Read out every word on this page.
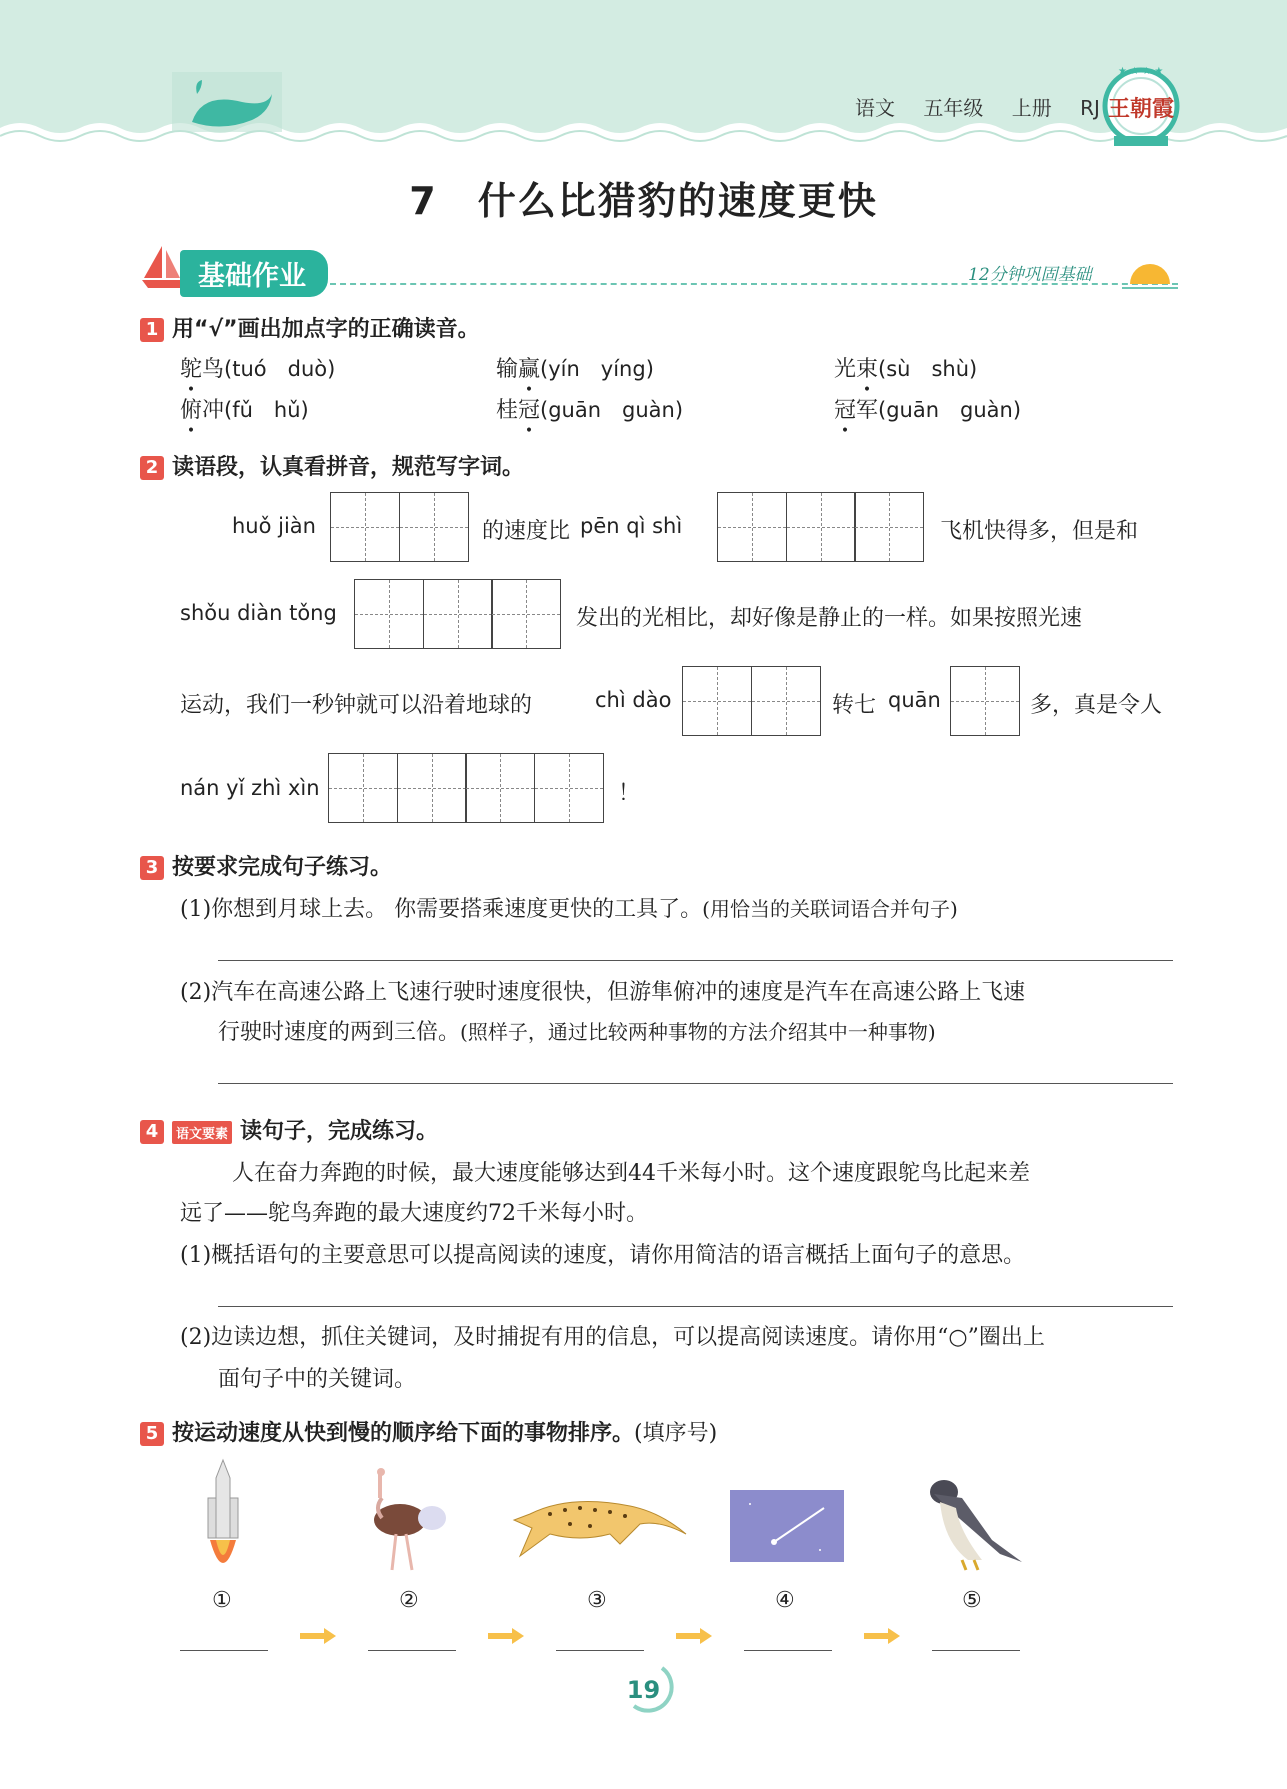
语文 五年级 上册 RJ
★ ★ ★ ★
王朝霞
7　什么比猎豹的速度更快
基础作业	12分钟巩固基础
1 用“√”画出加点字的正确读音。
鸵鸟(tuó　duò)	输赢(yín　yíng)	光束(sù　shù)
俯冲(fǔ　hǔ)	桂冠(guān　guàn)	冠军(guān　guàn)
2 读语段，认真看拼音，规范写字词。
huǒ jiàn	的速度比 pēn qì shì	飞机快得多，但是和
shǒu diàn tǒng	发出的光相比，却好像是静止的一样。如果按照光速
运动，我们一秒钟就可以沿着地球的	chì dào	转七 quān	多，真是令人
nán yǐ zhì xìn	！
3 按要求完成句子练习。
(1)你想到月球上去。 你需要搭乘速度更快的工具了。(用恰当的关联词语合并句子)
(2)汽车在高速公路上飞速行驶时速度很快，但游隼俯冲的速度是汽车在高速公路上飞速
行驶时速度的两到三倍。(照样子，通过比较两种事物的方法介绍其中一种事物)
4 语文要素 读句子，完成练习。
人在奋力奔跑的时候，最大速度能够达到44千米每小时。这个速度跟鸵鸟比起来差
远了——鸵鸟奔跑的最大速度约72千米每小时。
(1)概括语句的主要意思可以提高阅读的速度，请你用简洁的语言概括上面句子的意思。
(2)边读边想，抓住关键词，及时捕捉有用的信息，可以提高阅读速度。请你用“○”圈出上
面句子中的关键词。
5 按运动速度从快到慢的顺序给下面的事物排序。(填序号)
①	②	③	④	⑤
19
